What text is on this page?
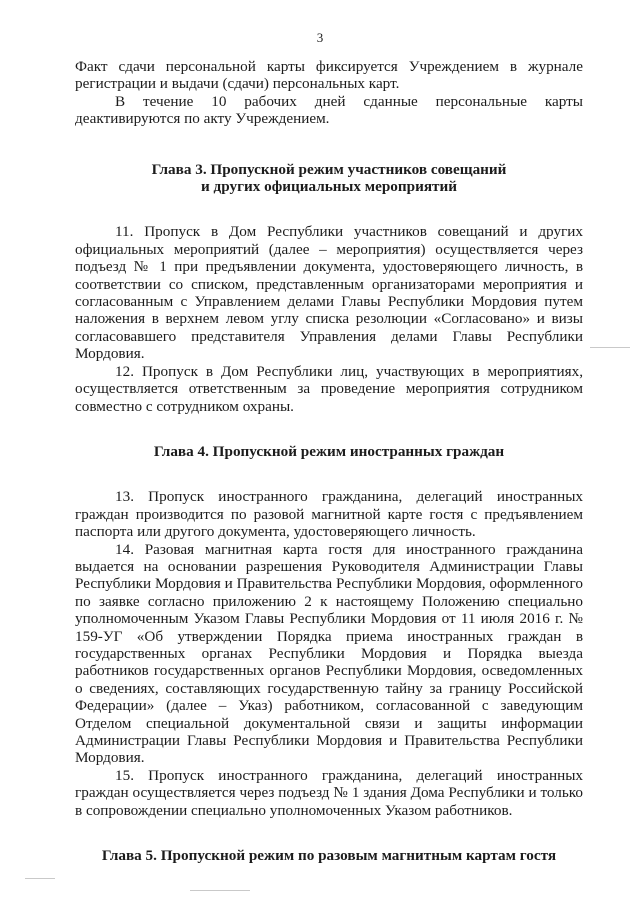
3

Факт сдачи персональной карты фиксируется Учреждением в журнале регистрации и выдачи (сдачи) персональных карт.

В течение 10 рабочих дней сданные персональные карты деактивируются по акту Учреждением.

Глава 3. Пропускной режим участников совещаний
и других официальных мероприятий

11. Пропуск в Дом Республики участников совещаний и других официальных мероприятий (далее – мероприятия) осуществляется через подъезд № 1 при предъявлении документа, удостоверяющего личность, в соответствии со списком, представленным организаторами мероприятия и согласованным с Управлением делами Главы Республики Мордовия путем наложения в верхнем левом углу списка резолюции «Согласовано» и визы согласовавшего представителя Управления делами Главы Республики Мордовия.

12. Пропуск в Дом Республики лиц, участвующих в мероприятиях, осуществляется ответственным за проведение мероприятия сотрудником совместно с сотрудником охраны.

Глава 4. Пропускной режим иностранных граждан

13. Пропуск иностранного гражданина, делегаций иностранных граждан производится по разовой магнитной карте гостя с предъявлением паспорта или другого документа, удостоверяющего личность.

14. Разовая магнитная карта гостя для иностранного гражданина выдается на основании разрешения Руководителя Администрации Главы Республики Мордовия и Правительства Республики Мордовия, оформленного по заявке согласно приложению 2 к настоящему Положению специально уполномоченным Указом Главы Республики Мордовия от 11 июля 2016 г. № 159-УГ «Об утверждении Порядка приема иностранных граждан в государственных органах Республики Мордовия и Порядка выезда работников государственных органов Республики Мордовия, осведомленных о сведениях, составляющих государственную тайну за границу Российской Федерации» (далее – Указ) работником, согласованной с заведующим Отделом специальной документальной связи и защиты информации Администрации Главы Республики Мордовия и Правительства Республики Мордовия.

15. Пропуск иностранного гражданина, делегаций иностранных граждан осуществляется через подъезд № 1 здания Дома Республики и только в сопровождении специально уполномоченных Указом работников.

Глава 5. Пропускной режим по разовым магнитным картам гостя
